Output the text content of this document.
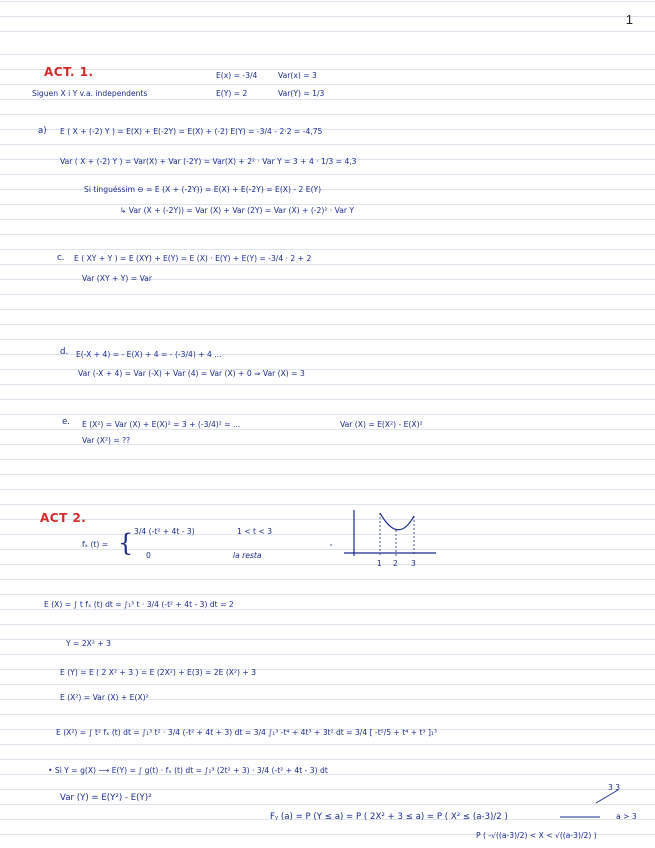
1
ACT. 1.	E(x) = -3/4	Var(x) = 3
Siguen X i Y v.a. independents	E(Y) = 2	Var(Y) = 1/3
a) E ( X + (-2) Y ) = E(X) + E(-2Y) = E(X) + (-2) E(Y) = -3/4 - 2·2 = -4,75
Var ( X + (-2) Y ) = Var(X) + Var (-2Y) = Var(X) + 2² · Var Y = 3 + 4 · 1/3 = 4,3
Si tinguéssim ⊖ = E (X + (-2Y)) = E(X) + E(-2Y) = E(X) - 2 E(Y)
↳ Var (X + (-2Y)) = Var (X) + Var (2Y) = Var (X) + (-2)² · Var Y
c. E ( XY + Y ) = E (XY) + E(Y) = E (X) · E(Y) + E(Y) = -3/4 · 2 + 2
Var (XY + Y) = Var
d. E(-X + 4) = - E(X) + 4 = - (-3/4) + 4 ...
Var (-X + 4) = Var (-X) + Var (4) = Var (X) + 0 ⇒ Var (X) = 3
e. E (X²) = Var (X) + E(X)² = 3 + (-3/4)² = ...	Var (X) = E(X²) - E(X)²
Var (X²) = ??
ACT 2.
fₓ (t) = { 3/4 (-t² + 4t - 3)	1 < t < 3
0	la resta
1 2 3
E (X) = ∫ t fₓ (t) dt = ∫₁³ t · 3/4 (-t² + 4t - 3) dt = 2
Y = 2X² + 3
E (Y) = E ( 2 X² + 3 ) = E (2X²) + E(3) = 2E (X²) + 3
E (X²) = Var (X) + E(X)²
E (X²) = ∫ t² fₓ (t) dt = ∫₁³ t² · 3/4 (-t² + 4t + 3) dt = 3/4 ∫₁³ -t⁴ + 4t³ + 3t² dt = 3/4 [ -t⁵/5 + t⁴ + t³ ]₁³
• Si Y = g(X) ⟶ E(Y) = ∫ g(t) · fₓ (t) dt = ∫₁³ (2t² + 3) · 3/4 (-t² + 4t - 3) dt
Var (Y) = E(Y²) - E(Y)²
Fᵧ (a) = P (Y ≤ a) = P ( 2X² + 3 ≤ a) = P ( X² ≤ (a-3)/2 )	a > 3
3 3
P ( -√((a-3)/2) < X < √((a-3)/2) )
